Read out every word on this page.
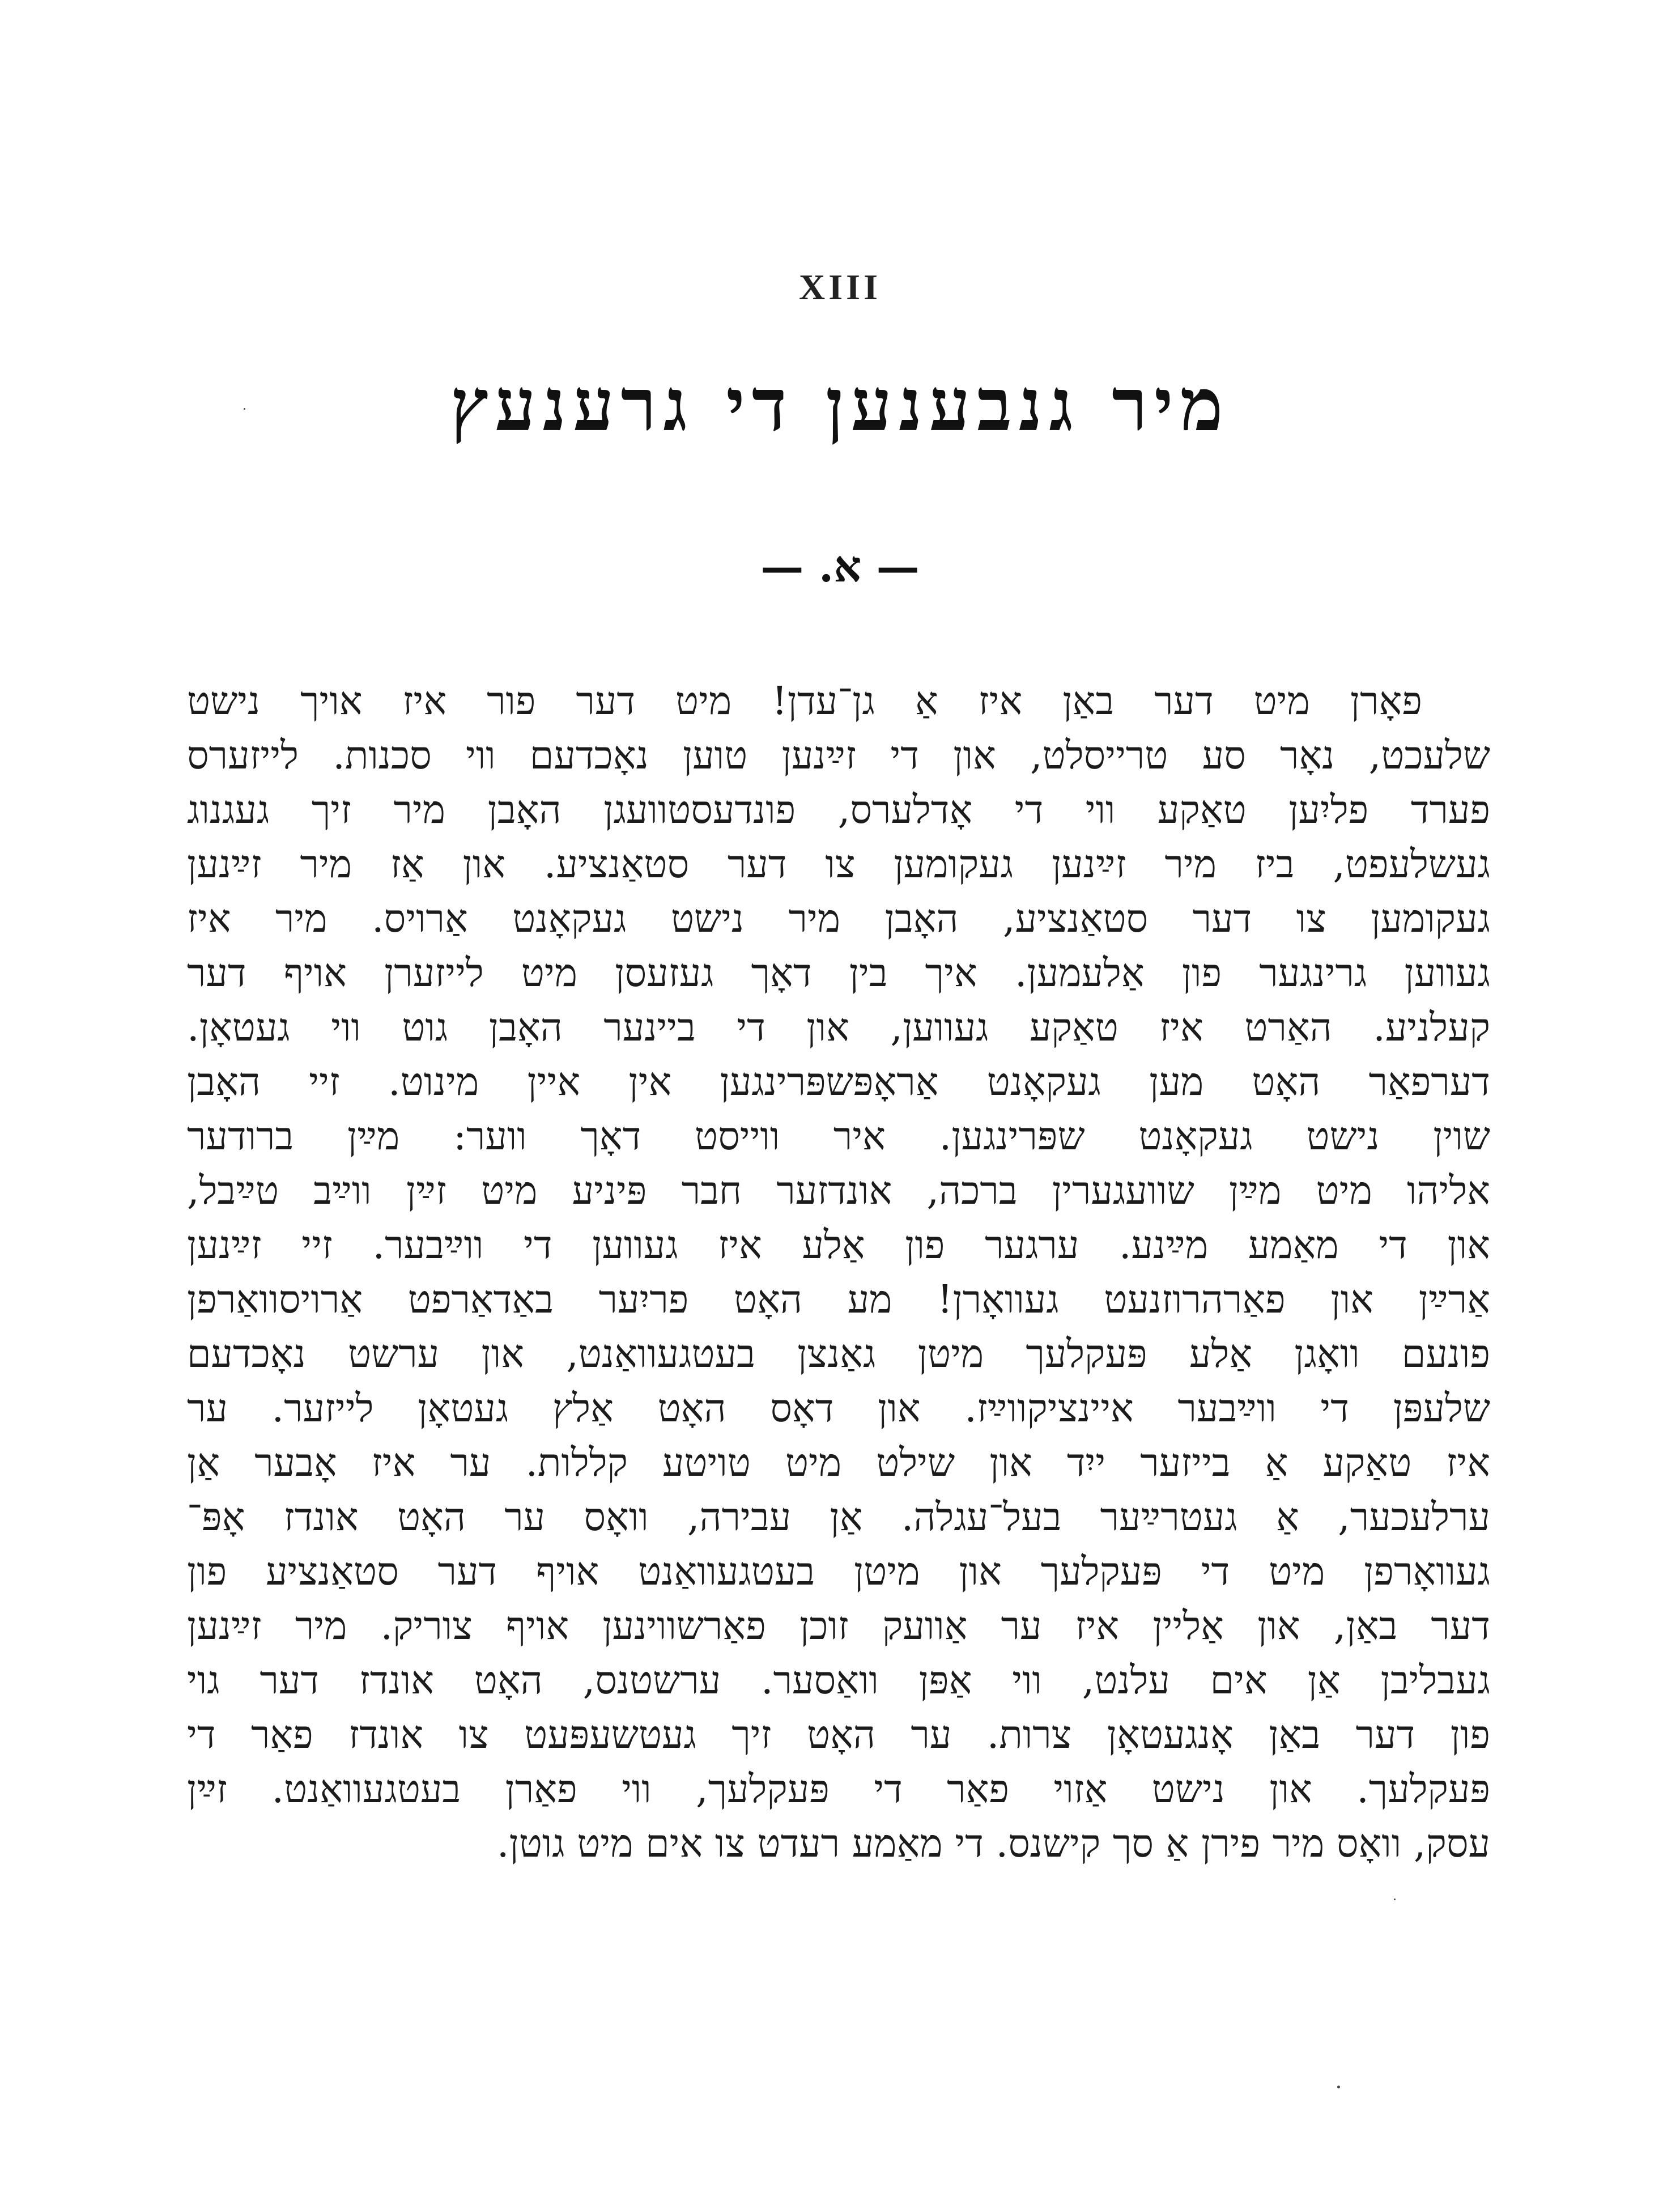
XIII
מיר גנבענען די גרענעץ
— א. —
פאָרן מיט דער באַן איז אַ גן־עדן! מיט דער פור איז אויך נישט
שלעכט, נאָר סע טרייסלט, און די זײַנען טוען נאָכדעם ווי סכנות. לייזערס
פערד פליִען טאַקע ווי די אָדלערס, פונדעסטוועגן האָבן מיר זיך געגנוג
געשלעפט, ביז מיר זײַנען געקומען צו דער סטאַנציע. און אַז מיר זײַנען
געקומען צו דער סטאַנציע, האָבן מיר נישט געקאָנט אַרויס. מיר איז
געווען גרינגער פון אַלעמען. איך בין דאָך געזעסן מיט לייזערן אויף דער
קעלניע. האַרט איז טאַקע געווען, און די ביינער האָבן גוט ווי געטאָן.
דערפאַר האָט מען געקאָנט אַראָפּשפּרינגען אין איין מינוט. זיי האָבן
שוין נישט געקאָנט שפּרינגען. איר ווייסט דאָך ווער: מײַן ברודער
אליהו מיט מײַן שוועגערין ברכה, אונדזער חבר פּיניע מיט זײַן ווײַב טײַבל,
און די מאַמע מײַנע. ערגער פון אַלע איז געווען די ווײַבער. זיי זײַנען
אַרײַן און פאַרהרוזנעט געוואָרן! מע האָט פריִער באַדאַרפט אַרויסוואַרפן
פונעם וואָגן אַלע פּעקלעך מיטן גאַנצן בעטגעוואַנט, און ערשט נאָכדעם
שלעפּן די ווײַבער איינציקווײַז. און דאָס האָט אַלץ געטאָן לייזער. ער
איז טאַקע אַ בייזער ייִד און שילט מיט טויטע קללות. ער איז אָבער אַן
ערלעכער, אַ געטרײַער בעל־עגלה. אַן עבירה, וואָס ער האָט אונדז אָפּ־
געוואָרפן מיט די פּעקלעך און מיטן בעטגעוואַנט אויף דער סטאַנציע פון
דער באַן, און אַליין איז ער אַוועק זוכן פאַרשווינען אויף צוריק. מיר זײַנען
געבליבן אַן אים עלנט, ווי אַפּן וואַסער. ערשטנס, האָט אונדז דער גוי
פון דער באַן אָנגעטאָן צרות. ער האָט זיך געטשעפּעט צו אונדז פאַר די
פּעקלעך. און נישט אַזוי פאַר די פּעקלעך, ווי פאַרן בעטגעוואַנט. זײַן
עסק, וואָס מיר פירן אַ סך קישנס. די מאַמע רעדט צו אים מיט גוטן.
